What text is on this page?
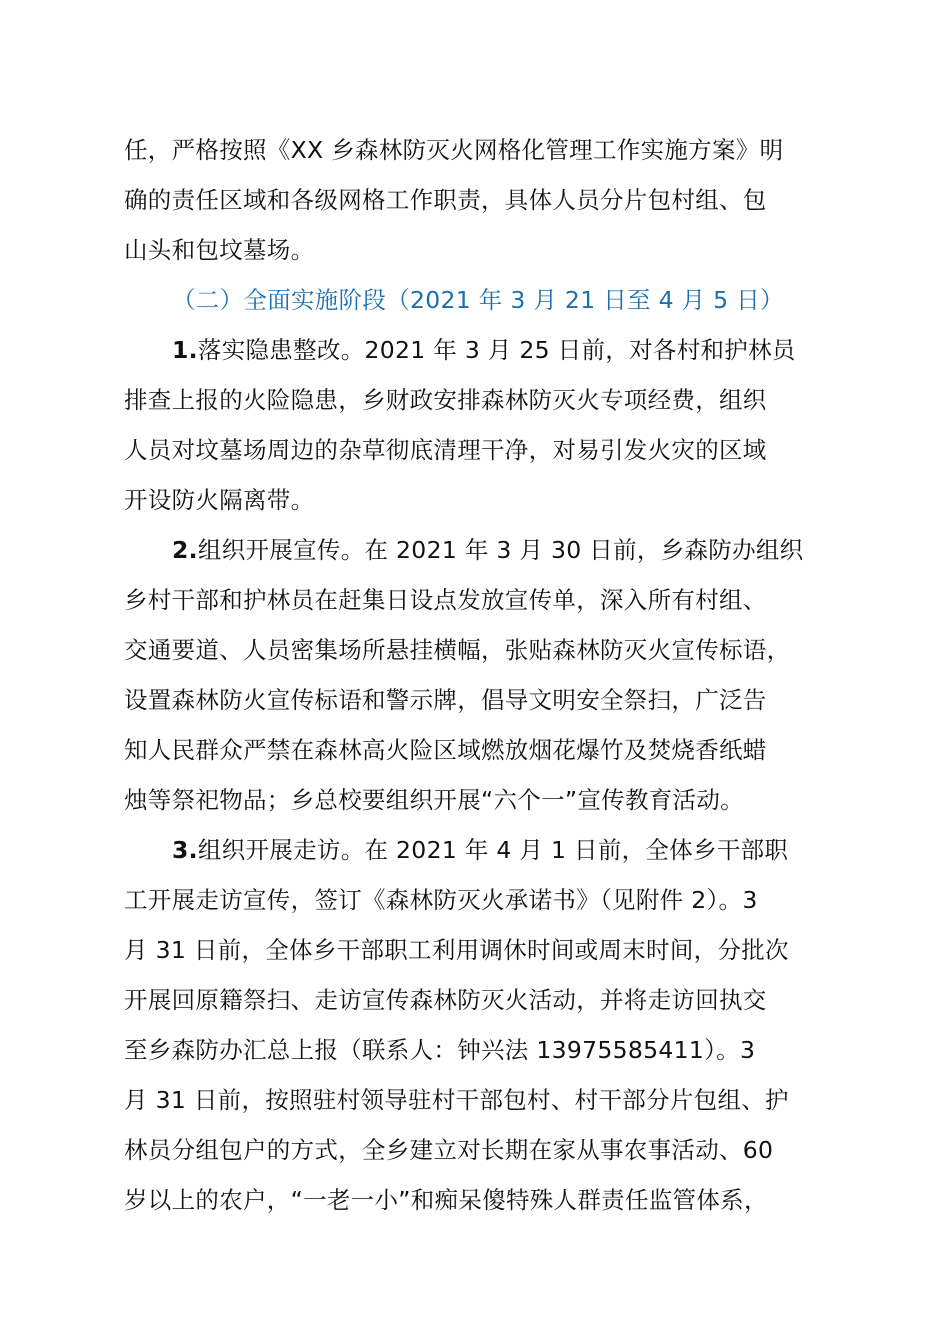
任，严格按照《XX 乡森林防灭火网格化管理工作实施方案》明
确的责任区域和各级网格工作职责，具体人员分片包村组、包
山头和包坟墓场。
（二）全面实施阶段（2021 年 3 月 21 日至 4 月 5 日）
1.落实隐患整改。2021 年 3 月 25 日前，对各村和护林员
排查上报的火险隐患，乡财政安排森林防灭火专项经费，组织
人员对坟墓场周边的杂草彻底清理干净，对易引发火灾的区域
开设防火隔离带。
2.组织开展宣传。在 2021 年 3 月 30 日前，乡森防办组织
乡村干部和护林员在赶集日设点发放宣传单，深入所有村组、
交通要道、人员密集场所悬挂横幅，张贴森林防灭火宣传标语，
设置森林防火宣传标语和警示牌，倡导文明安全祭扫，广泛告
知人民群众严禁在森林高火险区域燃放烟花爆竹及焚烧香纸蜡
烛等祭祀物品；乡总校要组织开展“六个一”宣传教育活动。
3.组织开展走访。在 2021 年 4 月 1 日前，全体乡干部职
工开展走访宣传，签订《森林防灭火承诺书》（见附件 2）。3
月 31 日前，全体乡干部职工利用调休时间或周末时间，分批次
开展回原籍祭扫、走访宣传森林防灭火活动，并将走访回执交
至乡森防办汇总上报（联系人：钟兴法 13975585411）。3
月 31 日前，按照驻村领导驻村干部包村、村干部分片包组、护
林员分组包户的方式，全乡建立对长期在家从事农事活动、60
岁以上的农户，“一老一小”和痴呆傻特殊人群责任监管体系，
